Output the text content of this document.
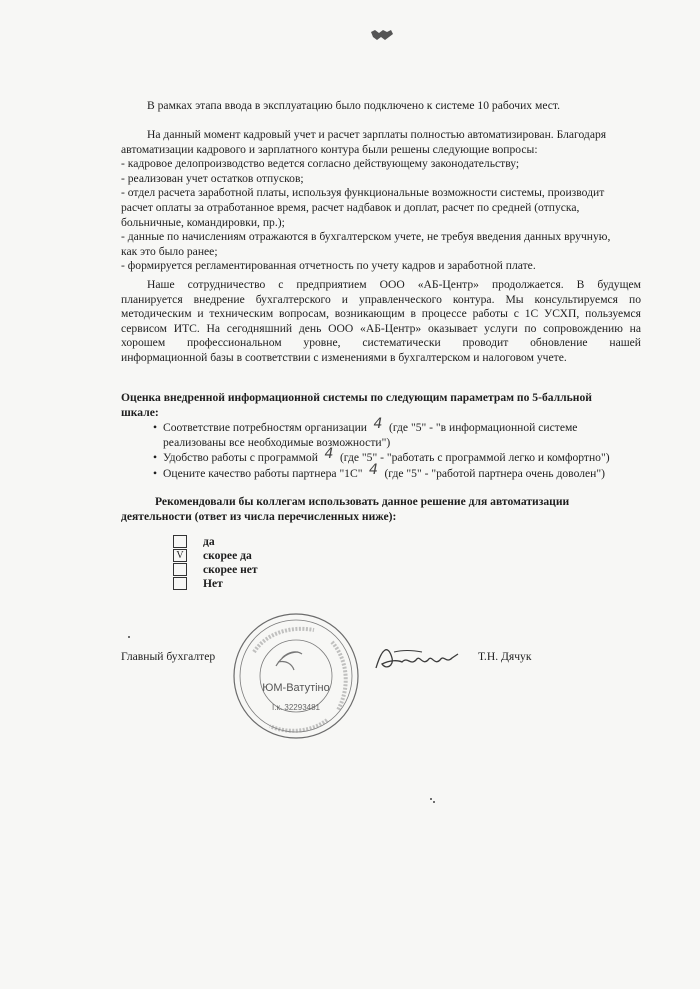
В рамках этапа ввода в эксплуатацию было подключено к системе 10 рабочих мест.
На данный момент кадровый учет и расчет зарплаты полностью автоматизирован. Благодаря
автоматизации кадрового и зарплатного контура были решены следующие вопросы:
- кадровое делопроизводство ведется согласно действующему законодательству;
- реализован учет остатков отпусков;
- отдел расчета заработной платы, используя функциональные возможности системы, производит
расчет оплаты за отработанное время, расчет надбавок и доплат, расчет по средней (отпуска,
больничные, командировки, пр.);
- данные по начислениям отражаются в бухгалтерском учете, не требуя введения данных вручную,
как это было ранее;
- формируется регламентированная отчетность по учету кадров и заработной плате.
Наше сотрудничество с предприятием ООО «АБ-Центр» продолжается. В будущем
планируется внедрение бухгалтерского и управленческого контура. Мы консультируемся по
методическим и техническим вопросам, возникающим в процессе работы с 1С УСХП, пользуемся
сервисом ИТС. На сегодняшний день ООО «АБ-Центр» оказывает услуги по сопровождению на
хорошем профессиональном уровне, систематически проводит обновление нашей
информационной базы в соответствии с изменениями в бухгалтерском и налоговом учете.
Оценка внедренной информационной системы по следующим параметрам по 5-балльной
шкале:
• Соответствие потребностям организации 4 (где "5" - "в информационной системе
реализованы все необходимые возможности")
• Удобство работы с программой 4 (где "5" - "работать с программой легко и комфортно")
• Оцените качество работы партнера "1С" 4 (где "5" - "работой партнера очень доволен")
Рекомендовали бы коллегам использовать данное решение для автоматизации
деятельности (ответ из числа перечисленных ниже):
да
V скорее да
скорее нет
Нет
Главный бухгалтер
ЮМ-Ватутіно
І.к. 32293481
Т.Н. Дячук
